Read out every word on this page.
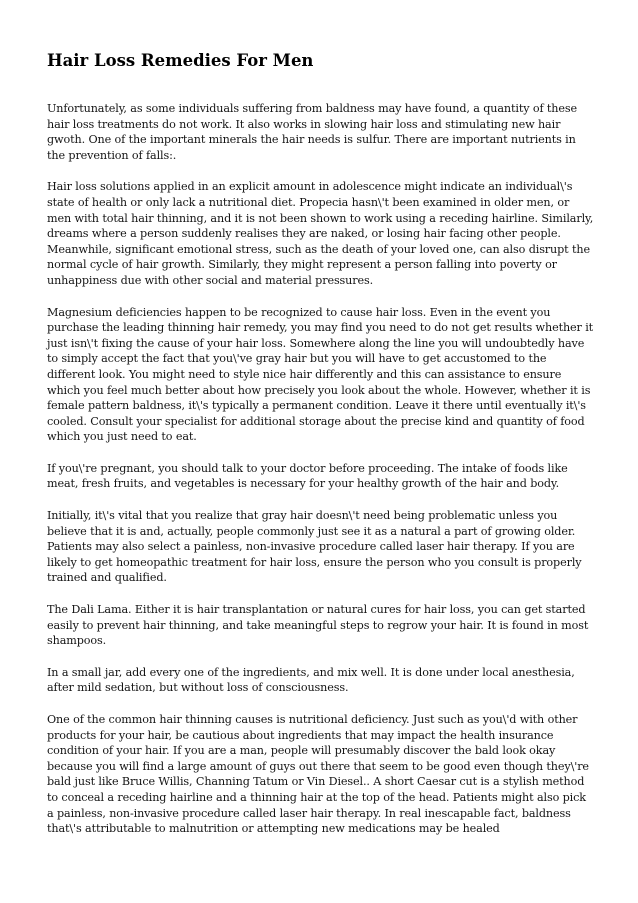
Hair Loss Remedies For Men

Unfortunately, as some individuals suffering from baldness may have found, a quantity of these hair loss treatments do not work. It also works in slowing hair loss and stimulating new hair gwoth. One of the important minerals the hair needs is sulfur. There are important nutrients in the prevention of falls:.

Hair loss solutions applied in an explicit amount in adolescence might indicate an individual\'s state of health or only lack a nutritional diet. Propecia hasn\'t been examined in older men, or men with total hair thinning, and it is not been shown to work using a receding hairline. Similarly, dreams where a person suddenly realises they are naked, or losing hair facing other people. Meanwhile, significant emotional stress, such as the death of your loved one, can also disrupt the normal cycle of hair growth. Similarly, they might represent a person falling into poverty or unhappiness due with other social and material pressures.

Magnesium deficiencies happen to be recognized to cause hair loss. Even in the event you purchase the leading thinning hair remedy, you may find you need to do not get results whether it just isn\'t fixing the cause of your hair loss. Somewhere along the line you will undoubtedly have to simply accept the fact that you\'ve gray hair but you will have to get accustomed to the different look. You might need to style nice hair differently and this can assistance to ensure which you feel much better about how precisely you look about the whole. However, whether it is female pattern baldness, it\'s typically a permanent condition. Leave it there until eventually it\'s cooled. Consult your specialist for additional storage about the precise kind and quantity of food which you just need to eat.

If you\'re pregnant, you should talk to your doctor before proceeding. The intake of foods like meat, fresh fruits, and vegetables is necessary for your healthy growth of the hair and body.

Initially, it\'s vital that you realize that gray hair doesn\'t need being problematic unless you believe that it is and, actually, people commonly just see it as a natural a part of growing older. Patients may also select a painless, non-invasive procedure called laser hair therapy. If you are likely to get homeopathic treatment for hair loss, ensure the person who you consult is properly trained and qualified.

The Dali Lama. Either it is hair transplantation or natural cures for hair loss, you can get started easily to prevent hair thinning, and take meaningful steps to regrow your hair. It is found in most shampoos.

In a small jar, add every one of the ingredients, and mix well. It is done under local anesthesia, after mild sedation, but without loss of consciousness.

One of the common hair thinning causes is nutritional deficiency. Just such as you\'d with other products for your hair, be cautious about ingredients that may impact the health insurance condition of your hair. If you are a man, people will presumably discover the bald look okay because you will find a large amount of guys out there that seem to be good even though they\'re bald just like Bruce Willis, Channing Tatum or Vin Diesel.. A short Caesar cut is a stylish method to conceal a receding hairline and a thinning hair at the top of the head. Patients might also pick a painless, non-invasive procedure called laser hair therapy. In real inescapable fact, baldness that\'s attributable to malnutrition or attempting new medications may be healed
